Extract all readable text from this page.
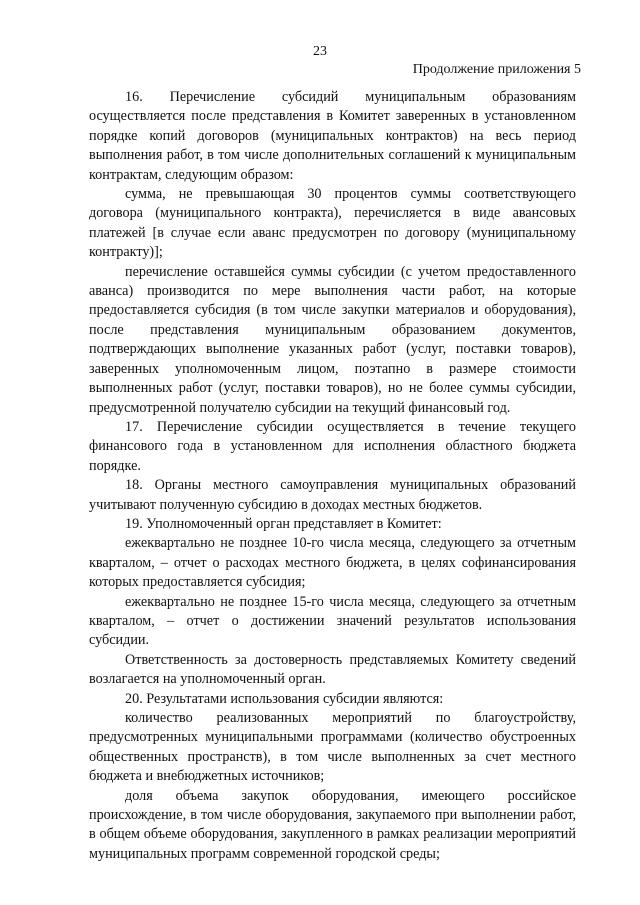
23
Продолжение приложения 5

16. Перечисление субсидий муниципальным образованиям осуществляется после представления в Комитет заверенных в установленном порядке копий договоров (муниципальных контрактов) на весь период выполнения работ, в том числе дополнительных соглашений к муниципальным контрактам, следующим образом:

сумма, не превышающая 30 процентов суммы соответствующего договора (муниципального контракта), перечисляется в виде авансовых платежей [в случае если аванс предусмотрен по договору (муниципальному контракту)];

перечисление оставшейся суммы субсидии (с учетом предоставленного аванса) производится по мере выполнения части работ, на которые предоставляется субсидия (в том числе закупки материалов и оборудования), после представления муниципальным образованием документов, подтверждающих выполнение указанных работ (услуг, поставки товаров), заверенных уполномоченным лицом, поэтапно в размере стоимости выполненных работ (услуг, поставки товаров), но не более суммы субсидии, предусмотренной получателю субсидии на текущий финансовый год.

17. Перечисление субсидии осуществляется в течение текущего финансового года в установленном для исполнения областного бюджета порядке.

18. Органы местного самоуправления муниципальных образований учитывают полученную субсидию в доходах местных бюджетов.

19. Уполномоченный орган представляет в Комитет:

ежеквартально не позднее 10-го числа месяца, следующего за отчетным кварталом, – отчет о расходах местного бюджета, в целях софинансирования которых предоставляется субсидия;

ежеквартально не позднее 15-го числа месяца, следующего за отчетным кварталом, – отчет о достижении значений результатов использования субсидии.

Ответственность за достоверность представляемых Комитету сведений возлагается на уполномоченный орган.

20. Результатами использования субсидии являются:

количество реализованных мероприятий по благоустройству, предусмотренных муниципальными программами (количество обустроенных общественных пространств), в том числе выполненных за счет местного бюджета и внебюджетных источников;

доля объема закупок оборудования, имеющего российское происхождение, в том числе оборудования, закупаемого при выполнении работ, в общем объеме оборудования, закупленного в рамках реализации мероприятий муниципальных программ современной городской среды;
